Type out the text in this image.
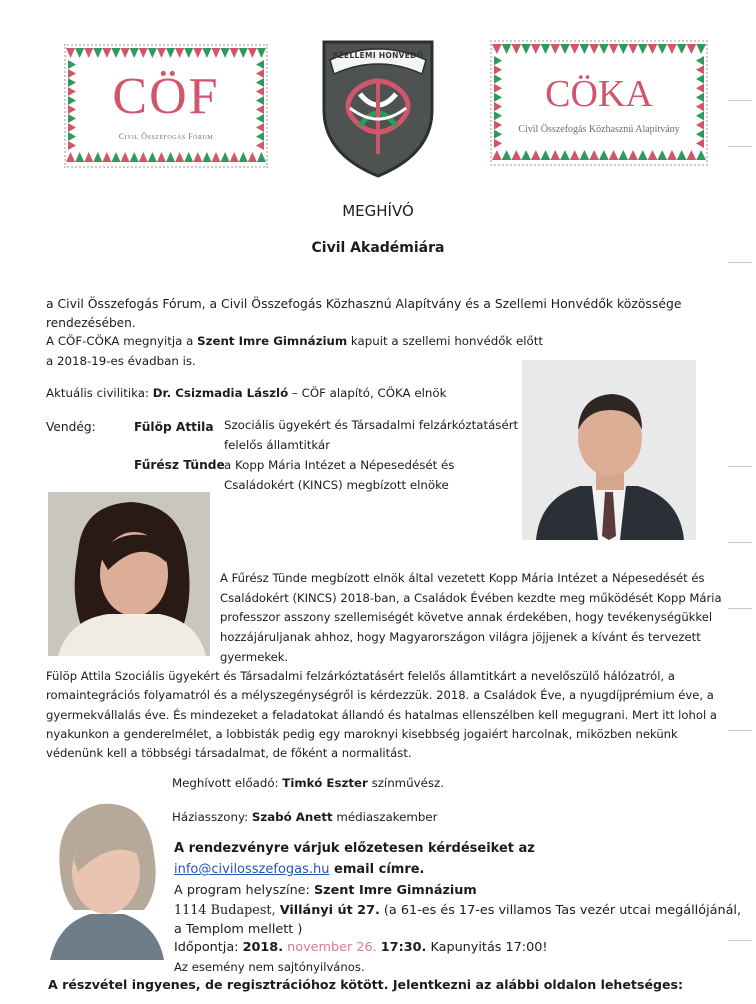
CÖF
Civil Összefogás Fórum
SZELLEMI HONVÉDŐ
CÖKA
Civil Összefogás Közhasznú Alapítvány
MEGHÍVÓ
Civil Akadémiára
a Civil Összefogás Fórum, a Civil Összefogás Közhasznú Alapítvány és a Szellemi Honvédők közössége
rendezésében.
A CÖF-CÖKA megnyitja a Szent Imre Gimnázium kapuit a szellemi honvédők előtt
a 2018-19-es évadban is.
Aktuális civilitika: Dr. Csizmadia László – CÖF alapító, CÖKA elnök
Vendég:	Fülöp Attila Szociális ügyekért és Társadalmi felzárkóztatásért
felelős államtitkár
Fűrész Tünde a Kopp Mária Intézet a Népesedését és
Családokért (KINCS) megbízott elnöke
A Fűrész Tünde megbízott elnök által vezetett Kopp Mária Intézet a Népesedését és
Családokért (KINCS) 2018-ban, a Családok Évében kezdte meg működését Kopp Mária
professzor asszony szellemiségét követve annak érdekében, hogy tevékenységükkel
hozzájáruljanak ahhoz, hogy Magyarországon világra jöjjenek a kívánt és tervezett
gyermekek.
Fülöp Attila Szociális ügyekért és Társadalmi felzárkóztatásért felelős államtitkárt a nevelőszülő hálózatról, a
romaintegrációs folyamatról és a mélyszegénységről is kérdezzük. 2018. a Családok Éve, a nyugdíjprémium éve, a
gyermekvállalás éve. És mindezeket a feladatokat állandó és hatalmas ellenszélben kell megugrani. Mert itt lohol a
nyakunkon a genderelmélet, a lobbisták pedig egy maroknyi kisebbség jogaiért harcolnak, miközben nekünk
védenünk kell a többségi társadalmat, de főként a normalitást.
Meghívott előadó: Timkó Eszter színművész.
Háziasszony: Szabó Anett médiaszakember
A rendezvényre várjuk előzetesen kérdéseiket az
info@civilosszefogas.hu email címre.
A program helyszíne: Szent Imre Gimnázium
1114 Budapest, Villányi út 27. (a 61-es és 17-es villamos Tas vezér utcai megállójánál,
a Templom mellett )
Időpontja: 2018. november 26. 17:30. Kapunyitás 17:00!
Az esemény nem sajtónyilvános.
A részvétel ingyenes, de regisztrációhoz kötött. Jelentkezni az alábbi oldalon lehetséges:
